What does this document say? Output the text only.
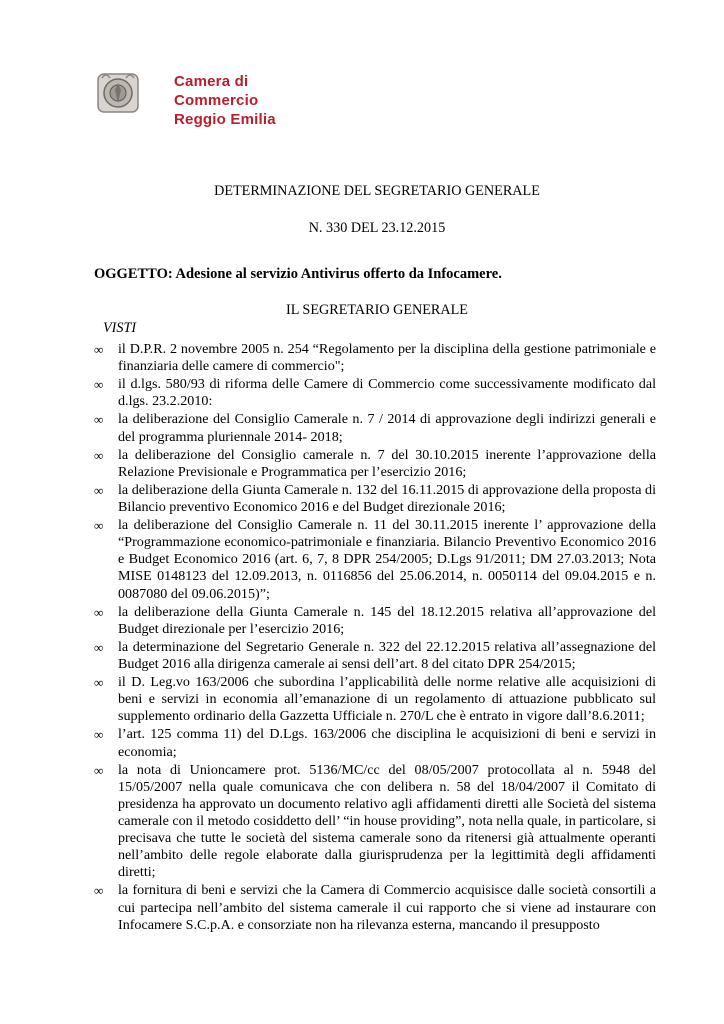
Camera di Commercio
Reggio Emilia
DETERMINAZIONE DEL SEGRETARIO GENERALE
N. 330 DEL 23.12.2015
OGGETTO: Adesione al servizio Antivirus offerto da Infocamere.
IL SEGRETARIO GENERALE
VISTI
∞ il D.P.R. 2 novembre 2005 n. 254 “Regolamento per la disciplina della gestione patrimoniale e finanziaria delle camere di commercio";
∞ il d.lgs. 580/93 di riforma delle Camere di Commercio come successivamente modificato dal d.lgs. 23.2.2010:
∞ la deliberazione del Consiglio Camerale n. 7 / 2014 di approvazione degli indirizzi generali e del programma pluriennale 2014- 2018;
∞ la deliberazione del Consiglio camerale n. 7 del 30.10.2015 inerente l’approvazione della Relazione Previsionale e Programmatica per l’esercizio 2016;
∞ la deliberazione della Giunta Camerale n. 132 del 16.11.2015 di approvazione della proposta di Bilancio preventivo Economico 2016 e del Budget direzionale 2016;
∞ la deliberazione del Consiglio Camerale n. 11 del 30.11.2015 inerente l’ approvazione della “Programmazione economico-patrimoniale e finanziaria. Bilancio Preventivo Economico 2016 e Budget Economico 2016 (art. 6, 7, 8 DPR 254/2005; D.Lgs 91/2011; DM 27.03.2013; Nota MISE 0148123 del 12.09.2013, n. 0116856 del 25.06.2014, n. 0050114 del 09.04.2015 e n. 0087080 del 09.06.2015)”;
∞ la deliberazione della Giunta Camerale n. 145 del 18.12.2015 relativa all’approvazione del Budget direzionale per l’esercizio 2016;
∞ la determinazione del Segretario Generale n. 322 del 22.12.2015 relativa all’assegnazione del Budget 2016 alla dirigenza camerale ai sensi dell’art. 8 del citato DPR 254/2015;
∞ il D. Leg.vo 163/2006 che subordina l’applicabilità delle norme relative alle acquisizioni di beni e servizi in economia all’emanazione di un regolamento di attuazione pubblicato sul supplemento ordinario della Gazzetta Ufficiale n. 270/L che è entrato in vigore dall’8.6.2011;
∞ l’art. 125 comma 11) del D.Lgs. 163/2006 che disciplina le acquisizioni di beni e servizi in economia;
∞ la nota di Unioncamere prot. 5136/MC/cc del 08/05/2007 protocollata al n. 5948 del 15/05/2007 nella quale comunicava che con delibera n. 58 del 18/04/2007 il Comitato di presidenza ha approvato un documento relativo agli affidamenti diretti alle Società del sistema camerale con il metodo cosiddetto dell’ “in house providing”, nota nella quale, in particolare, si precisava che tutte le società del sistema camerale sono da ritenersi già attualmente operanti nell’ambito delle regole elaborate dalla giurisprudenza per la legittimità degli affidamenti diretti;
∞ la fornitura di beni e servizi che la Camera di Commercio acquisisce dalle società consortili a cui partecipa nell’ambito del sistema camerale il cui rapporto che si viene ad instaurare con Infocamere S.C.p.A. e consorziate non ha rilevanza esterna, mancando il presupposto
